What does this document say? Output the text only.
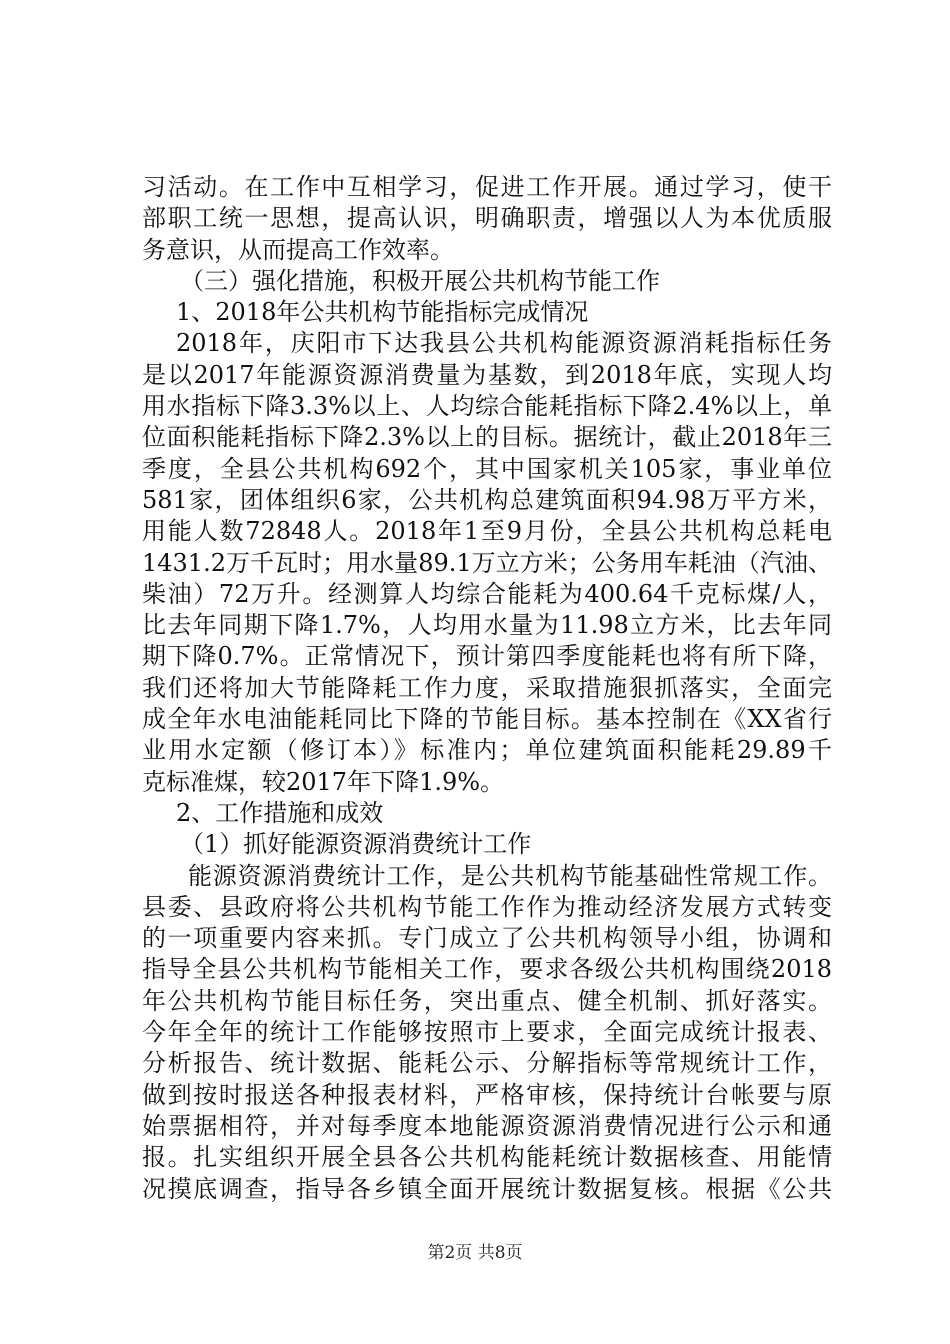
习活动。在工作中互相学习，促进工作开展。通过学习，使干
部职工统一思想，提高认识，明确职责，增强以人为本优质服
务意识，从而提高工作效率。
（三）强化措施，积极开展公共机构节能工作
1、2018年公共机构节能指标完成情况
2018年，庆阳市下达我县公共机构能源资源消耗指标任务
是以2017年能源资源消费量为基数，到2018年底，实现人均
用水指标下降3.3%以上、人均综合能耗指标下降2.4%以上，单
位面积能耗指标下降2.3%以上的目标。据统计，截止2018年三
季度，全县公共机构692个，其中国家机关105家，事业单位
581家，团体组织6家，公共机构总建筑面积94.98万平方米，
用能人数72848人。2018年1至9月份，全县公共机构总耗电
1431.2万千瓦时；用水量89.1万立方米；公务用车耗油（汽油、
柴油）72万升。经测算人均综合能耗为400.64千克标煤/人，
比去年同期下降1.7%，人均用水量为11.98立方米，比去年同
期下降0.7%。正常情况下，预计第四季度能耗也将有所下降，
我们还将加大节能降耗工作力度，采取措施狠抓落实，全面完
成全年水电油能耗同比下降的节能目标。基本控制在《XX省行
业用水定额（修订本）》标准内；单位建筑面积能耗29.89千
克标准煤，较2017年下降1.9%。
2、工作措施和成效
（1）抓好能源资源消费统计工作
能源资源消费统计工作，是公共机构节能基础性常规工作。
县委、县政府将公共机构节能工作作为推动经济发展方式转变
的一项重要内容来抓。专门成立了公共机构领导小组，协调和
指导全县公共机构节能相关工作，要求各级公共机构围绕2018
年公共机构节能目标任务，突出重点、健全机制、抓好落实。
今年全年的统计工作能够按照市上要求，全面完成统计报表、
分析报告、统计数据、能耗公示、分解指标等常规统计工作，
做到按时报送各种报表材料，严格审核，保持统计台帐要与原
始票据相符，并对每季度本地能源资源消费情况进行公示和通
报。扎实组织开展全县各公共机构能耗统计数据核查、用能情
况摸底调查，指导各乡镇全面开展统计数据复核。根据《公共
第2页 共8页
